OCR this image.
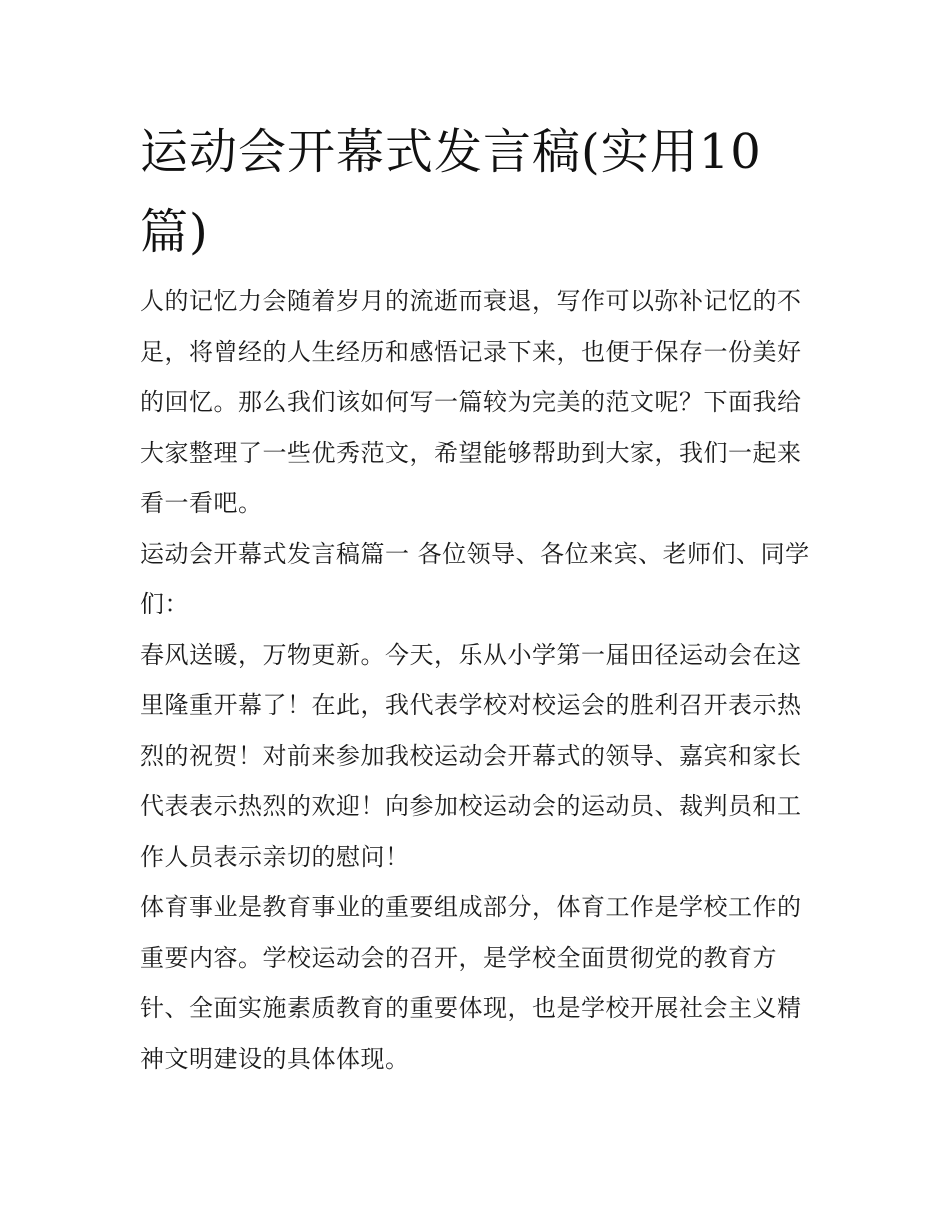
运动会开幕式发言稿(实用10篇)

人的记忆力会随着岁月的流逝而衰退，写作可以弥补记忆的不足，将曾经的人生经历和感悟记录下来，也便于保存一份美好的回忆。那么我们该如何写一篇较为完美的范文呢？下面我给大家整理了一些优秀范文，希望能够帮助到大家，我们一起来看一看吧。

运动会开幕式发言稿篇一 各位领导、各位来宾、老师们、同学们：

春风送暖，万物更新。今天，乐从小学第一届田径运动会在这里隆重开幕了！在此，我代表学校对校运会的胜利召开表示热烈的祝贺！对前来参加我校运动会开幕式的领导、嘉宾和家长代表表示热烈的欢迎！向参加校运动会的运动员、裁判员和工作人员表示亲切的慰问！

体育事业是教育事业的重要组成部分，体育工作是学校工作的重要内容。学校运动会的召开，是学校全面贯彻党的教育方针、全面实施素质教育的重要体现，也是学校开展社会主义精神文明建设的具体体现。
